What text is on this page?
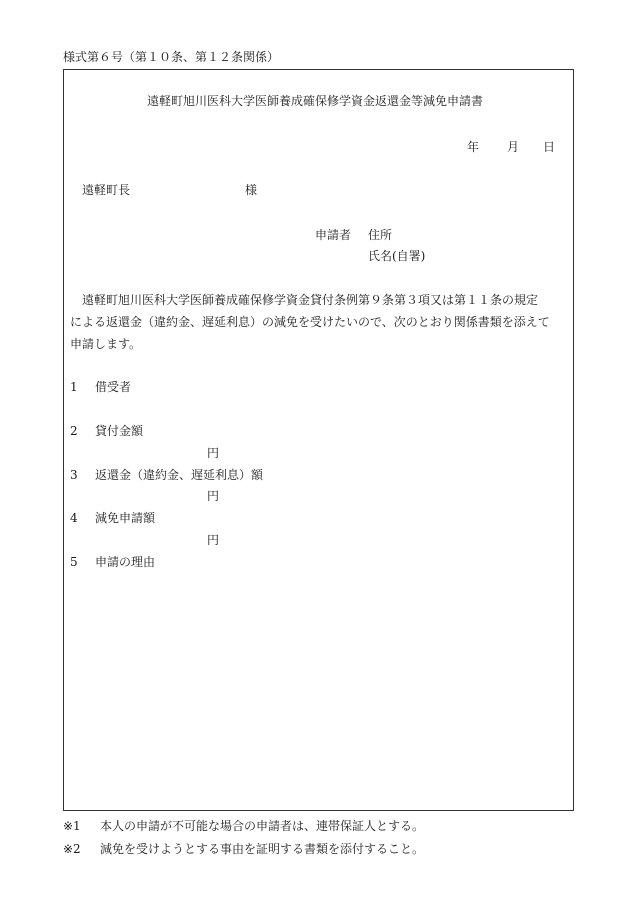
様式第６号（第１０条、第１２条関係）
遠軽町旭川医科大学医師養成確保修学資金返還金等減免申請書
年 月 日
遠軽町長	様
申請者 住所
氏名(自署)
遠軽町旭川医科大学医師養成確保修学資金貸付条例第９条第３項又は第１１条の規定
による返還金（違約金、遅延利息）の減免を受けたいので、次のとおり関係書類を添えて
申請します。
1 借受者
2 貸付金額
円
3 返還金（違約金、遅延利息）額
円
4 減免申請額
円
5 申請の理由
※1 本人の申請が不可能な場合の申請者は、連帯保証人とする。
※2 減免を受けようとする事由を証明する書類を添付すること。
